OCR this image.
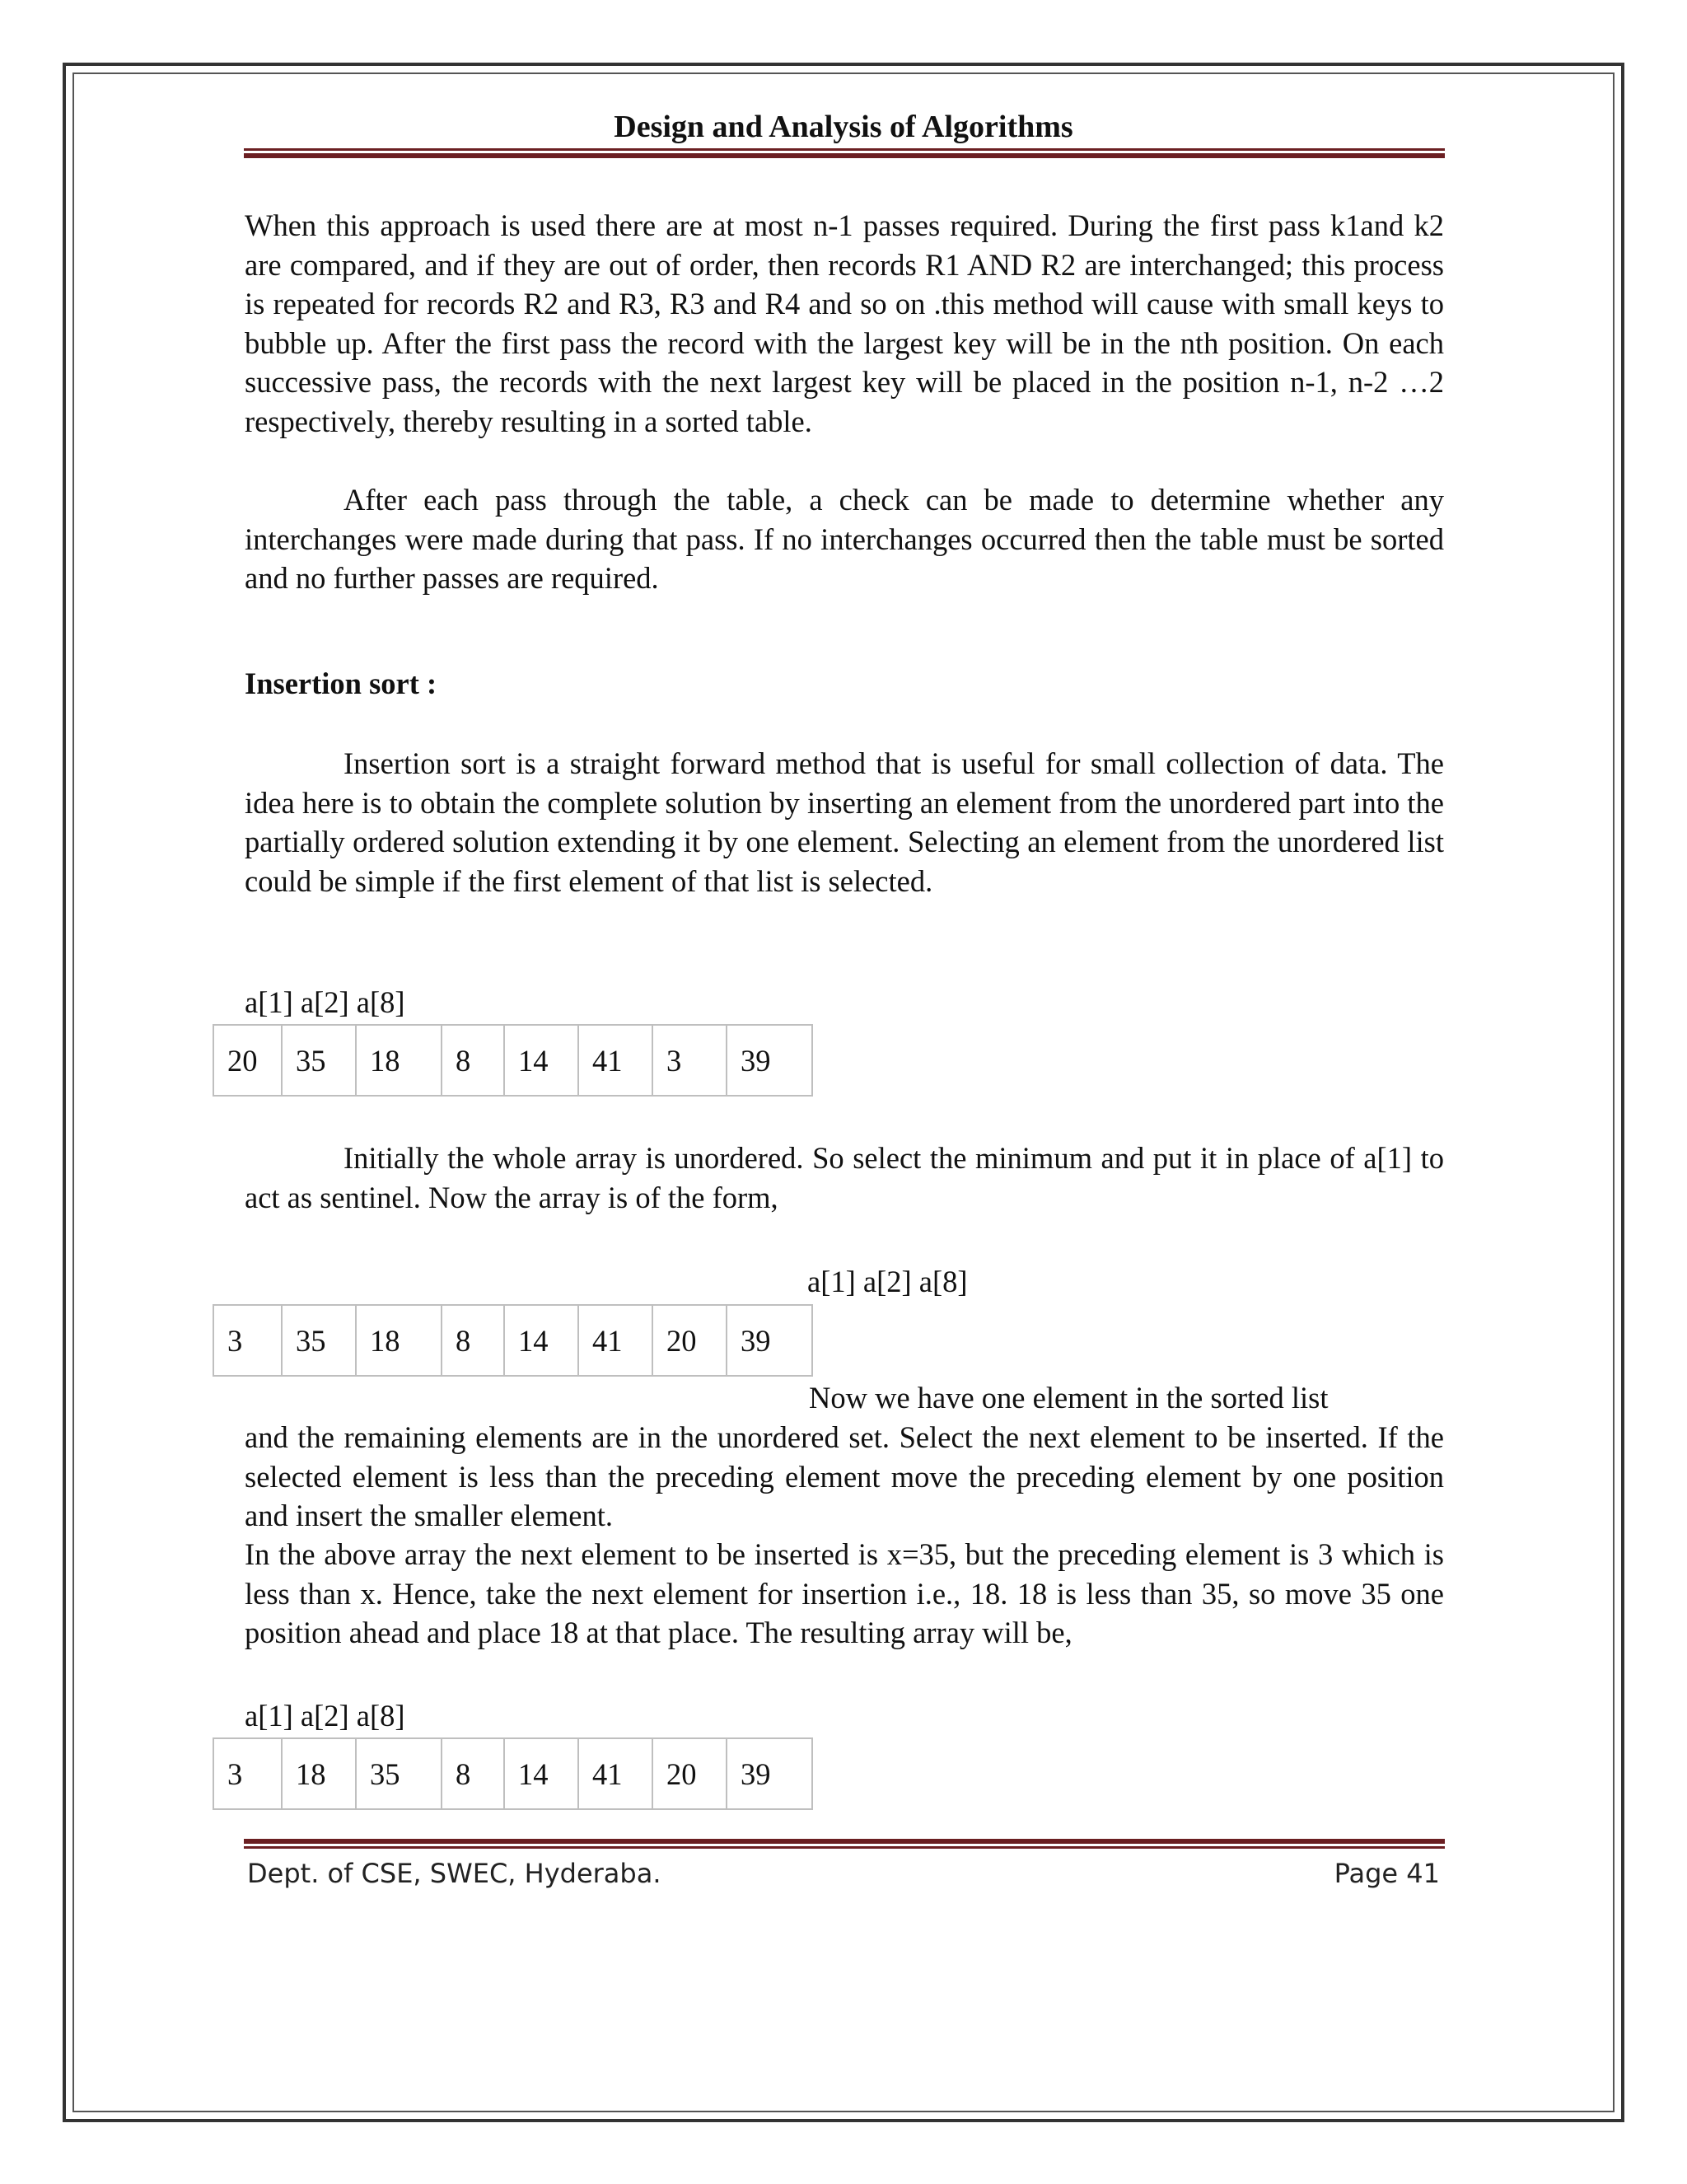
Design and Analysis of Algorithms

When this approach is used there are at most n-1 passes required. During the first pass k1and k2 are compared, and if they are out of order, then records R1 AND R2 are interchanged; this process is repeated for records R2 and R3, R3 and R4 and so on .this method will cause with small keys to bubble up. After the first pass the record with the largest key will be in the nth position. On each successive pass, the records with the next largest key will be placed in the position n-1, n-2 …2 respectively, thereby resulting in a sorted table.

After each pass through the table, a check can be made to determine whether any interchanges were made during that pass. If no interchanges occurred then the table must be sorted and no further passes are required.

Insertion sort :

Insertion sort is a straight forward method that is useful for small collection of data. The idea here is to obtain the complete solution by inserting an element from the unordered part into the partially ordered solution extending it by one element. Selecting an element from the unordered list could be simple if the first element of that list is selected.

a[1] a[2] a[8]
20	35	18	8	14	41	3	39

Initially the whole array is unordered. So select the minimum and put it in place of a[1] to act as sentinel. Now the array is of the form,

a[1] a[2] a[8]
3	35	18	8	14	41	20	39

Now we have one element in the sorted list

and the remaining elements are in the unordered set. Select the next element to be inserted. If the selected element is less than the preceding element move the preceding element by one position and insert the smaller element.

In the above array the next element to be inserted is x=35, but the preceding element is 3 which is less than x. Hence, take the next element for insertion i.e., 18. 18 is less than 35, so move 35 one position ahead and place 18 at that place. The resulting array will be,

a[1] a[2] a[8]
3	18	35	8	14	41	20	39
Dept. of CSE, SWEC, Hyderaba.	Page 41
